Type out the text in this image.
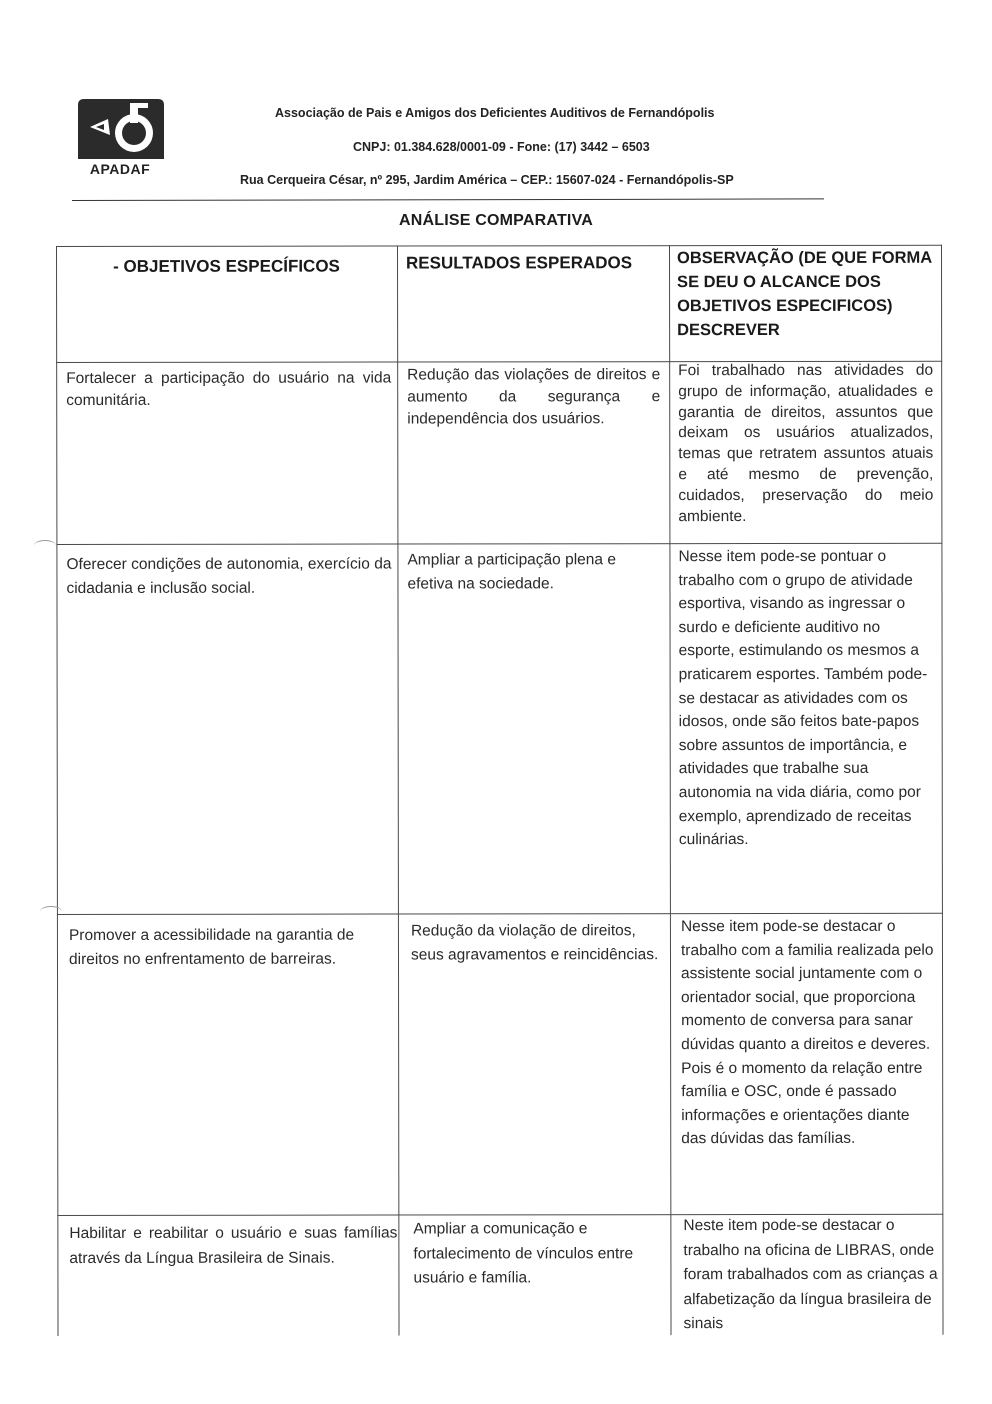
APADAF
Associação de Pais e Amigos dos Deficientes Auditivos de Fernandópolis
CNPJ: 01.384.628/0001-09 - Fone: (17) 3442 – 6503
Rua Cerqueira César, nº 295, Jardim América – CEP.: 15607-024 - Fernandópolis-SP
ANÁLISE COMPARATIVA
- OBJETIVOS ESPECÍFICOS	RESULTADOS ESPERADOS	OBSERVAÇÃO (DE QUE FORMA SE DEU O ALCANCE DOS OBJETIVOS ESPECIFICOS) DESCREVER
Fortalecer a participação do usuário na vida comunitária.
Redução das violações de direitos e aumento da segurança e independência dos usuários.
Foi trabalhado nas atividades do grupo de informação, atualidades e garantia de direitos, assuntos que deixam os usuários atualizados, temas que retratem assuntos atuais e até mesmo de prevenção, cuidados, preservação do meio ambiente.
Oferecer condições de autonomia, exercício da cidadania e inclusão social.
Ampliar a participação plena e efetiva na sociedade.
Nesse item pode-se pontuar o trabalho com o grupo de atividade esportiva, visando as ingressar o surdo e deficiente auditivo no esporte, estimulando os mesmos a praticarem esportes. Também pode-se destacar as atividades com os idosos, onde são feitos bate-papos sobre assuntos de importância, e atividades que trabalhe sua autonomia na vida diária, como por exemplo, aprendizado de receitas culinárias.
Promover a acessibilidade na garantia de direitos no enfrentamento de barreiras.
Redução da violação de direitos, seus agravamentos e reincidências.
Nesse item pode-se destacar o trabalho com a familia realizada pelo assistente social juntamente com o orientador social, que proporciona momento de conversa para sanar dúvidas quanto a direitos e deveres. Pois é o momento da relação entre família e OSC, onde é passado informações e orientações diante das dúvidas das famílias.
Habilitar e reabilitar o usuário e suas famílias através da Língua Brasileira de Sinais.
Ampliar a comunicação e fortalecimento de vínculos entre usuário e família.
Neste item pode-se destacar o trabalho na oficina de LIBRAS, onde foram trabalhados com as crianças a alfabetização da língua brasileira de sinais
